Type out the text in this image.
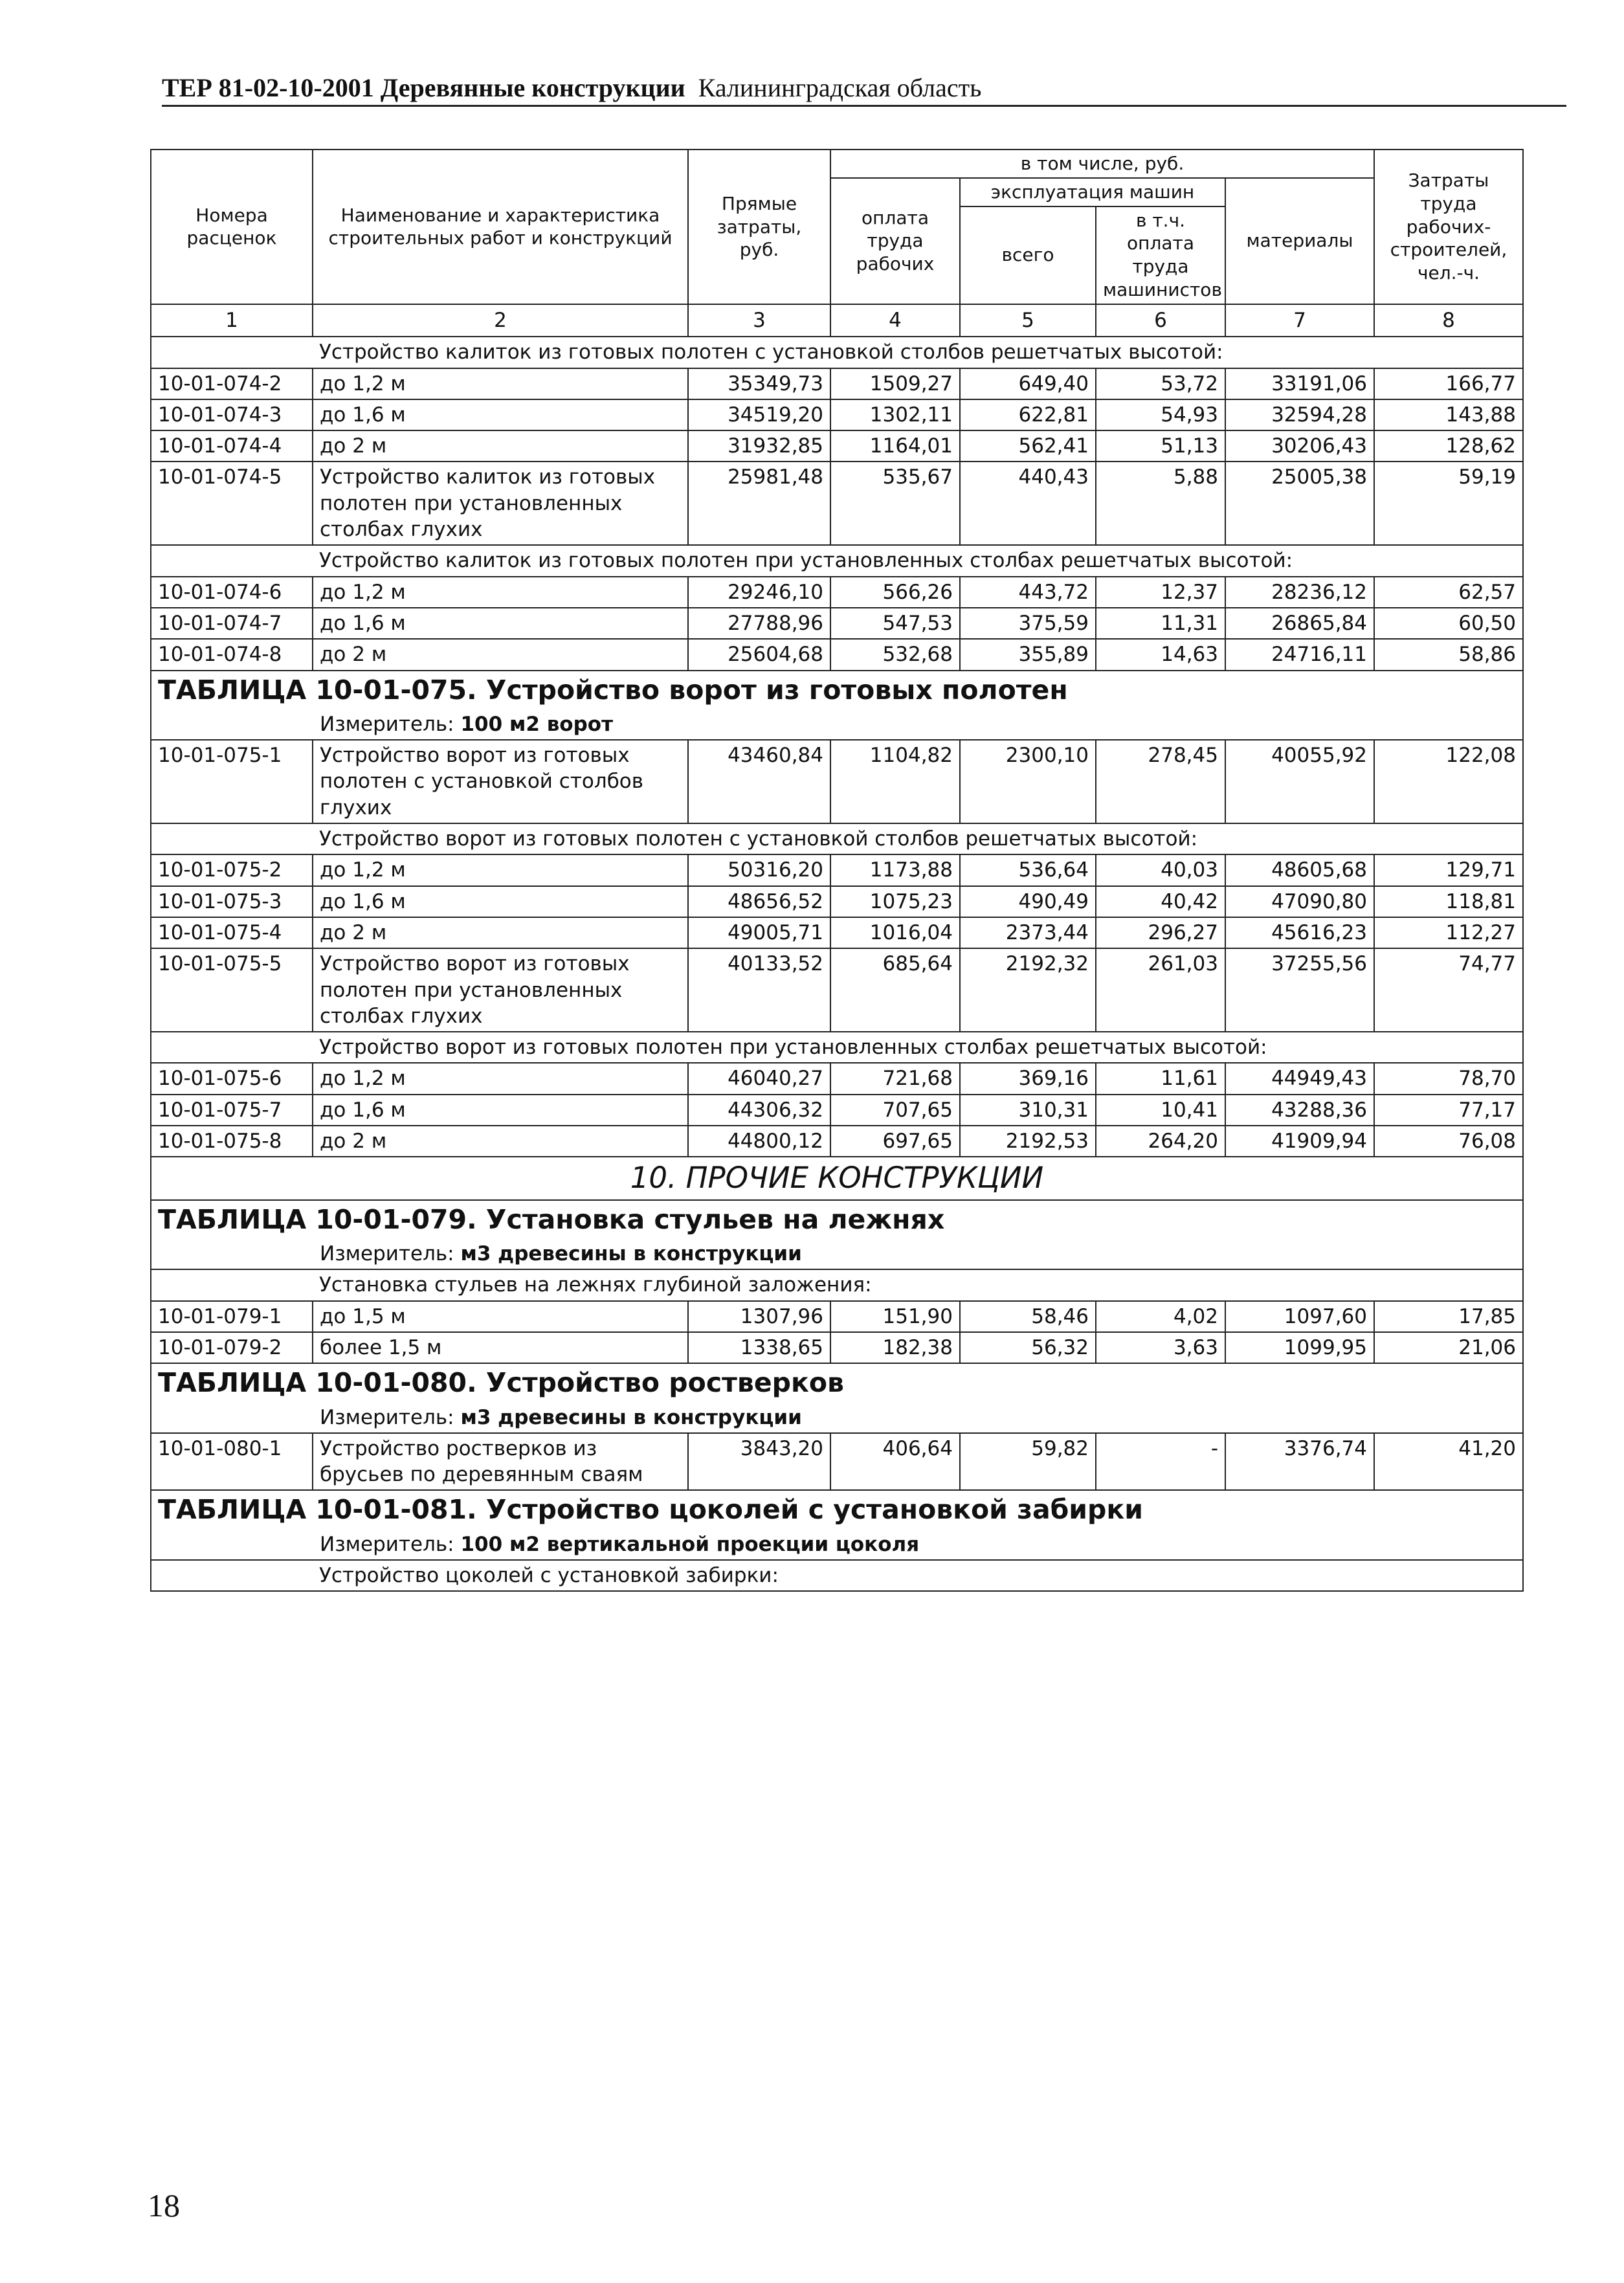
ТЕР 81-02-10-2001 Деревянные конструкции Калининградская область
Номера расценок	Наименование и характеристика строительных работ и конструкций	Прямые затраты, руб.	в том числе, руб.				Затраты труда рабочих-строителей, чел.-ч.
			оплата труда рабочих	эксплуатация машин		материалы	
				всего	в т.ч. оплата труда машинистов		
1	2	3	4	5	6	7	8
	Устройство калиток из готовых полотен с установкой столбов решетчатых высотой:						
10-01-074-2	до 1,2 м	35349,73	1509,27	649,40	53,72	33191,06	166,77
10-01-074-3	до 1,6 м	34519,20	1302,11	622,81	54,93	32594,28	143,88
10-01-074-4	до 2 м	31932,85	1164,01	562,41	51,13	30206,43	128,62
10-01-074-5	Устройство калиток из готовых полотен при установленных столбах глухих	25981,48	535,67	440,43	5,88	25005,38	59,19
	Устройство калиток из готовых полотен при установленных столбах решетчатых высотой:						
10-01-074-6	до 1,2 м	29246,10	566,26	443,72	12,37	28236,12	62,57
10-01-074-7	до 1,6 м	27788,96	547,53	375,59	11,31	26865,84	60,50
10-01-074-8	до 2 м	25604,68	532,68	355,89	14,63	24716,11	58,86
ТАБЛИЦА 10-01-075. Устройство ворот из готовых полотен							
Измеритель: 100 м2 ворот							
10-01-075-1	Устройство ворот из готовых полотен с установкой столбов глухих	43460,84	1104,82	2300,10	278,45	40055,92	122,08
	Устройство ворот из готовых полотен с установкой столбов решетчатых высотой:						
10-01-075-2	до 1,2 м	50316,20	1173,88	536,64	40,03	48605,68	129,71
10-01-075-3	до 1,6 м	48656,52	1075,23	490,49	40,42	47090,80	118,81
10-01-075-4	до 2 м	49005,71	1016,04	2373,44	296,27	45616,23	112,27
10-01-075-5	Устройство ворот из готовых полотен при установленных столбах глухих	40133,52	685,64	2192,32	261,03	37255,56	74,77
	Устройство ворот из готовых полотен при установленных столбах решетчатых высотой:						
10-01-075-6	до 1,2 м	46040,27	721,68	369,16	11,61	44949,43	78,70
10-01-075-7	до 1,6 м	44306,32	707,65	310,31	10,41	43288,36	77,17
10-01-075-8	до 2 м	44800,12	697,65	2192,53	264,20	41909,94	76,08
10. ПРОЧИЕ КОНСТРУКЦИИ							
ТАБЛИЦА 10-01-079. Установка стульев на лежнях							
Измеритель: м3 древесины в конструкции							
	Установка стульев на лежнях глубиной заложения:						
10-01-079-1	до 1,5 м	1307,96	151,90	58,46	4,02	1097,60	17,85
10-01-079-2	более 1,5 м	1338,65	182,38	56,32	3,63	1099,95	21,06
ТАБЛИЦА 10-01-080. Устройство ростверков							
Измеритель: м3 древесины в конструкции							
10-01-080-1	Устройство ростверков из брусьев по деревянным сваям	3843,20	406,64	59,82	-	3376,74	41,20
ТАБЛИЦА 10-01-081. Устройство цоколей с установкой забирки							
Измеритель: 100 м2 вертикальной проекции цоколя							
	Устройство цоколей с установкой забирки:						
18
